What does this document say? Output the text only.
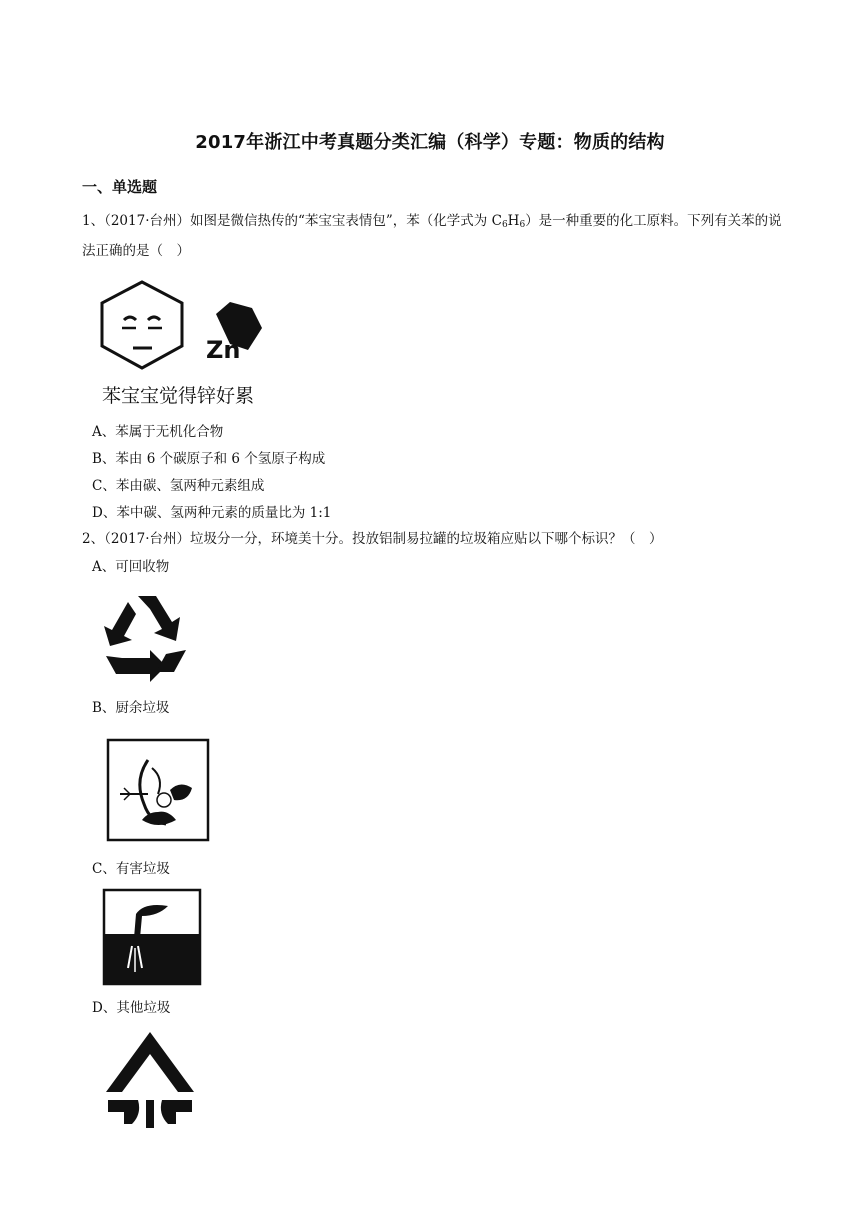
2017年浙江中考真题分类汇编（科学）专题：物质的结构
一、单选题
1、（2017·台州）如图是微信热传的“苯宝宝表情包”，苯（化学式为 $C_6H_6$）是一种重要的化工原料。下列有关苯的说法正确的是（　）
Zn
苯宝宝觉得锌好累
A、苯属于无机化合物
B、苯由 6 个碳原子和 6 个氢原子构成
C、苯由碳、氢两种元素组成
D、苯中碳、氢两种元素的质量比为 1:1
2、（2017·台州）垃圾分一分，环境美十分。投放铝制易拉罐的垃圾箱应贴以下哪个标识？（　）
A、可回收物
B、厨余垃圾
C、有害垃圾
D、其他垃圾
